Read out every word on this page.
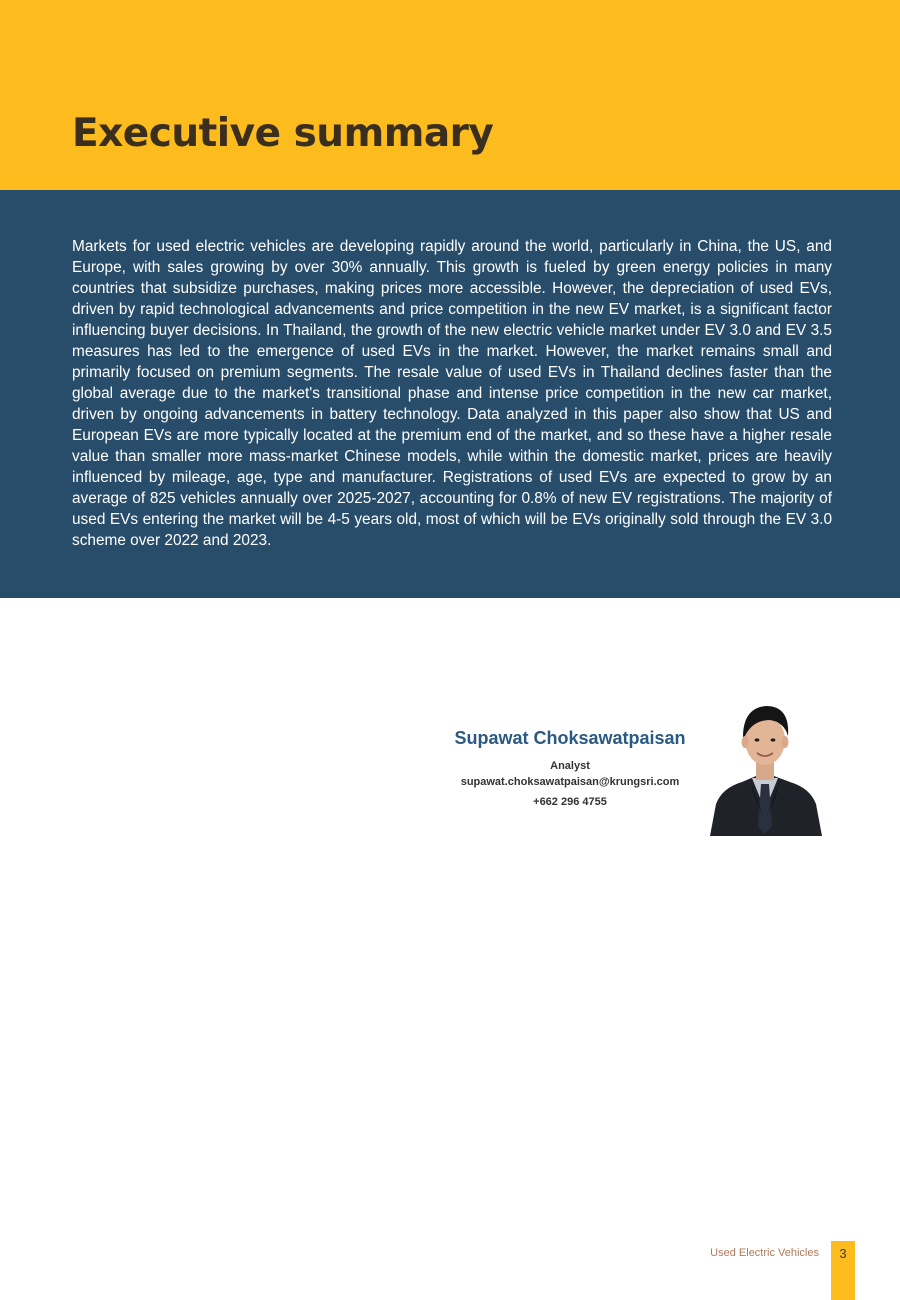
Executive summary

Markets for used electric vehicles are developing rapidly around the world, particularly in China, the US, and Europe, with sales growing by over 30% annually. This growth is fueled by green energy policies in many countries that subsidize purchases, making prices more accessible. However, the depreciation of used EVs, driven by rapid technological advancements and price competition in the new EV market, is a significant factor influencing buyer decisions. In Thailand, the growth of the new electric vehicle market under EV 3.0 and EV 3.5 measures has led to the emergence of used EVs in the market. However, the market remains small and primarily focused on premium segments. The resale value of used EVs in Thailand declines faster than the global average due to the market's transitional phase and intense price competition in the new car market, driven by ongoing advancements in battery technology. Data analyzed in this paper also show that US and European EVs are more typically located at the premium end of the market, and so these have a higher resale value than smaller more mass-market Chinese models, while within the domestic market, prices are heavily influenced by mileage, age, type and manufacturer. Registrations of used EVs are expected to grow by an average of 825 vehicles annually over 2025-2027, accounting for 0.8% of new EV registrations. The majority of used EVs entering the market will be 4-5 years old, most of which will be EVs originally sold through the EV 3.0 scheme over 2022 and 2023.

Supawat Choksawatpaisan
Analyst
supawat.choksawatpaisan@krungsri.com
+662 296 4755
Used Electric Vehicles	3
